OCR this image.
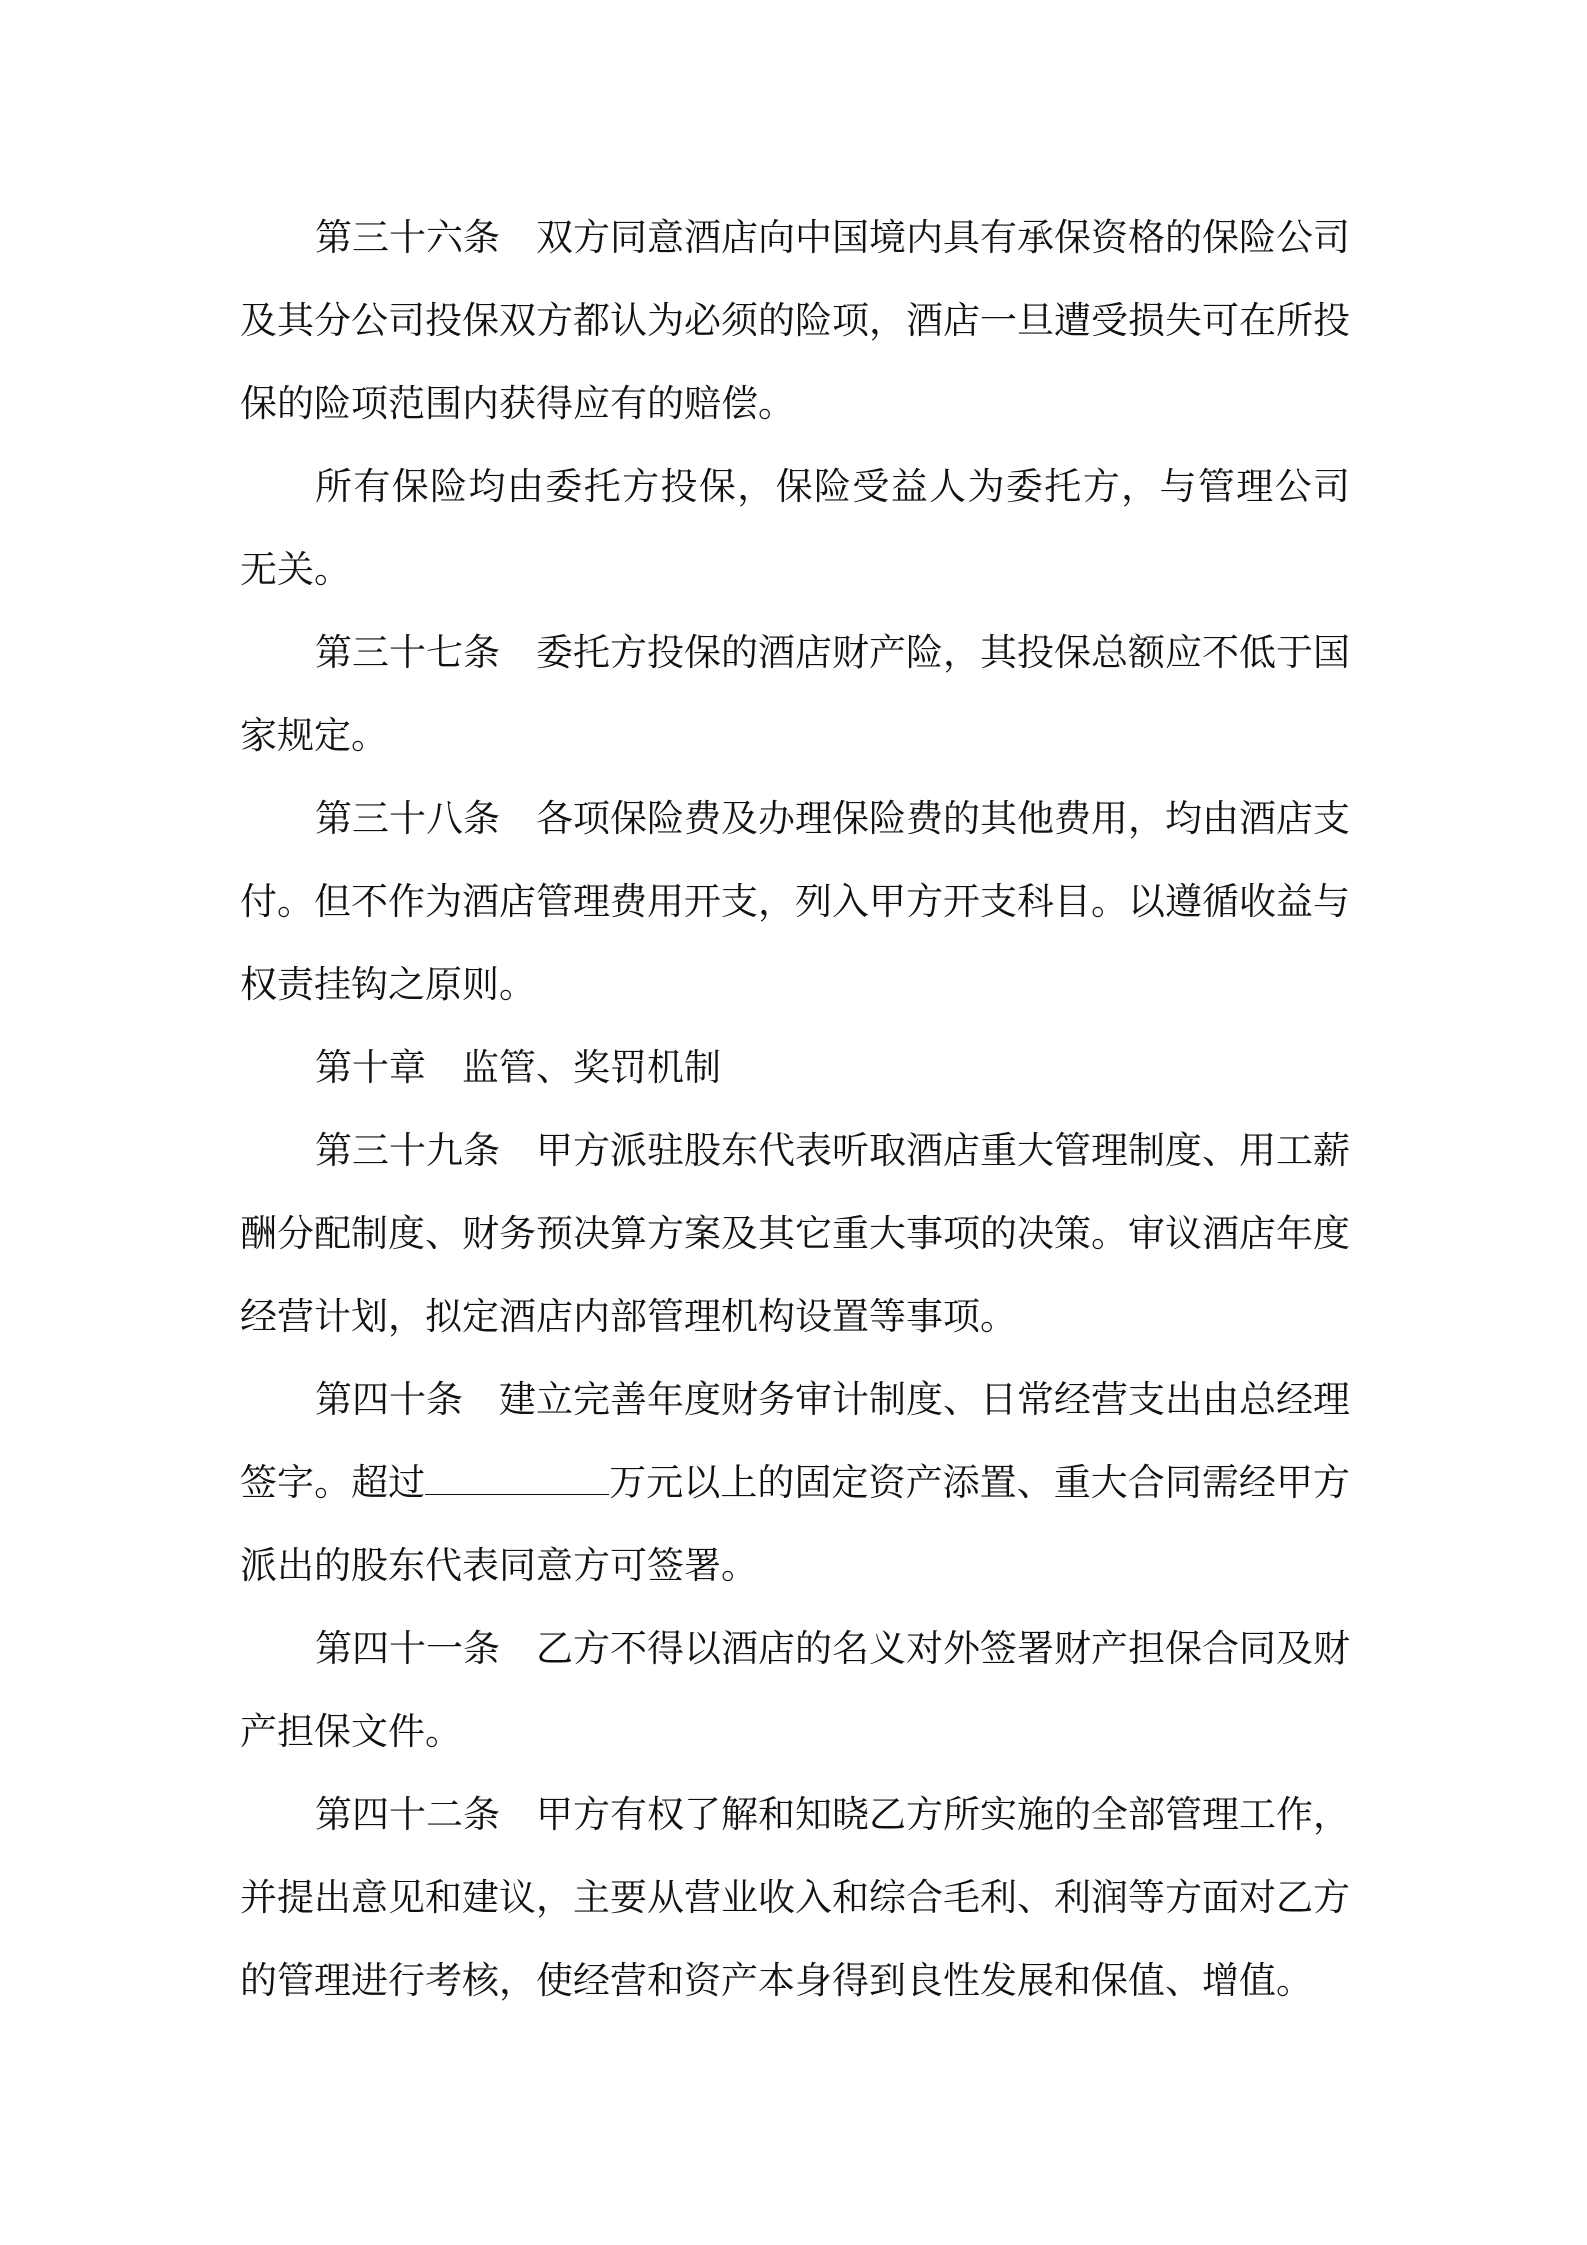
第三十六条 双方同意酒店向中国境内具有承保资格的保险公司及其分公司投保双方都认为必须的险项，酒店一旦遭受损失可在所投保的险项范围内获得应有的赔偿。

所有保险均由委托方投保，保险受益人为委托方，与管理公司无关。

第三十七条 委托方投保的酒店财产险，其投保总额应不低于国家规定。

第三十八条 各项保险费及办理保险费的其他费用，均由酒店支付。但不作为酒店管理费用开支，列入甲方开支科目。以遵循收益与权责挂钩之原则。

第十章 监管、奖罚机制

第三十九条 甲方派驻股东代表听取酒店重大管理制度、用工薪酬分配制度、财务预决算方案及其它重大事项的决策。审议酒店年度经营计划，拟定酒店内部管理机构设置等事项。

第四十条 建立完善年度财务审计制度、日常经营支出由总经理签字。超过	万元以上的固定资产添置、重大合同需经甲方派出的股东代表同意方可签署。

第四十一条 乙方不得以酒店的名义对外签署财产担保合同及财产担保文件。

第四十二条 甲方有权了解和知晓乙方所实施的全部管理工作，并提出意见和建议，主要从营业收入和综合毛利、利润等方面对乙方的管理进行考核，使经营和资产本身得到良性发展和保值、增值。
